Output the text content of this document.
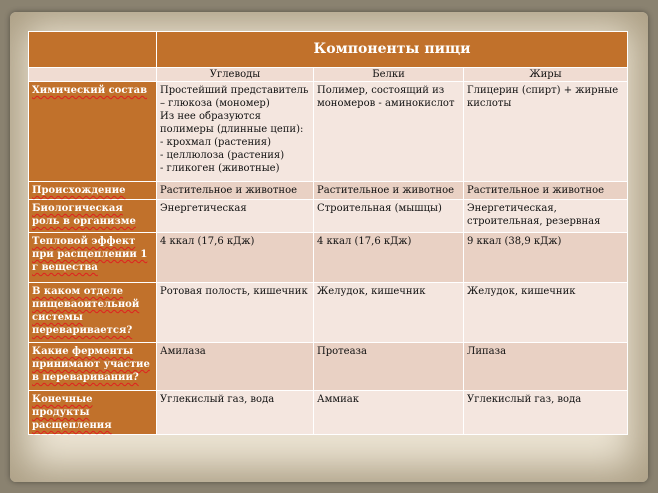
	Компоненты пищи		
	Углеводы	Белки	Жиры
Химический состав	Простейший представитель – глюкоза (мономер)
Из нее образуются полимеры (длинные цепи):
- крохмал (растения)
- целлюлоза (растения)
- гликоген (животные)	Полимер, состоящий из мономеров - аминокислот	Глицерин (спирт) + жирные кислоты
Происхождение	Растительное и животное	Растительное и животное	Растительное и животное
Биологическая роль в организме	Энергетическая	Строительная (мышцы)	Энергетическая, строительная, резервная
Тепловой эффект при расщеплении 1 г вещества	4 ккал (17,6 кДж)	4 ккал (17,6 кДж)	9 ккал (38,9 кДж)
В каком отделе пищеваоительной системы переваривается?	Ротовая полость, кишечник	Желудок, кишечник	Желудок, кишечник
Какие ферменты принимают участие в переваривании?	Амилаза	Протеаза	Липаза
Конечные продукты расщепления	Углекислый газ, вода	Аммиак	Углекислый газ, вода
